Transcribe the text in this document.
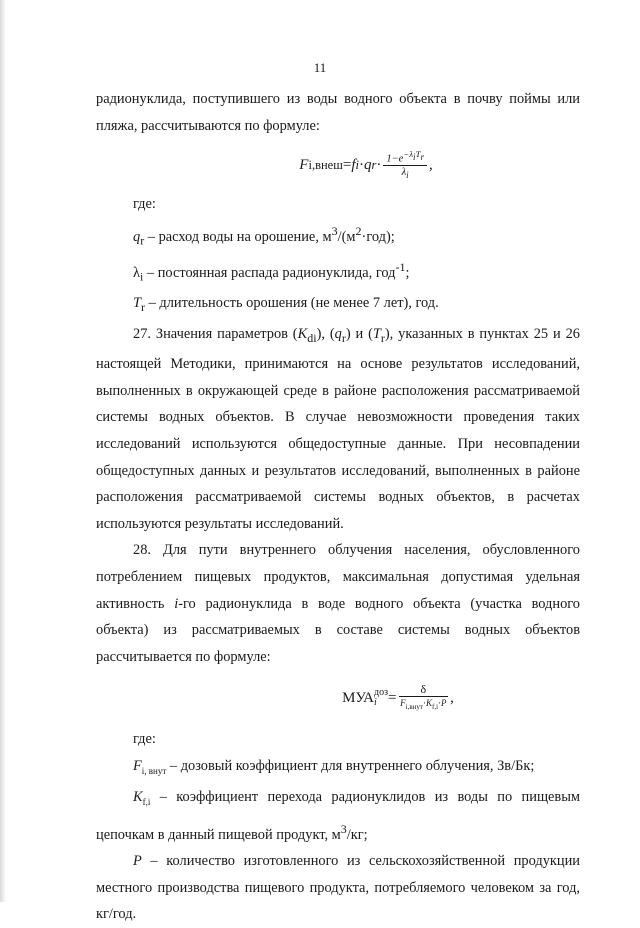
11

радионуклида, поступившего из воды водного объекта в почву поймы или пляжа, рассчитываются по формуле:

F i,внеш = f i · q $r \cdot \frac{1-e^{-\lambda_iT_r}}{\lambda_i}$ ,

где:

$q_r$ – расход воды на орошение, $м^3/(м^2\cdot год)$;

$\lambda_i$ – постоянная распада радионуклида, год$^{-1}$;

$T_r$ – длительность орошения (не менее 7 лет), год.

27. Значения параметров $(K_{di})$, $(q_r)$ и $(T_r)$, указанных в пунктах 25 и 26 настоящей Методики, принимаются на основе результатов исследований, выполненных в окружающей среде в районе расположения рассматриваемой системы водных объектов. В случае невозможности проведения таких исследований используются общедоступные данные. При несовпадении общедоступных данных и результатов исследований, выполненных в районе расположения рассматриваемой системы водных объектов, в расчетах используются результаты исследований.

28. Для пути внутреннего облучения населения, обусловленного потреблением пищевых продуктов, максимальная допустимая удельная активность i-го радионуклида в воде водного объекта (участка водного объекта) из рассматриваемых в составе системы водных объектов рассчитывается по формуле:

МУА доз
$i = \frac{\delta}{F_{i,внут}\cdot K_{f,i}\cdot P}$ ,

где:

$F_{i, внут}$ – дозовый коэффициент для внутреннего облучения, Зв/Бк;

$K_{f,i}$ – коэффициент перехода радионуклидов из воды по пищевым цепочкам в данный пищевой продукт, $м^3/кг$;

P – количество изготовленного из сельскохозяйственной продукции местного производства пищевого продукта, потребляемого человеком за год, кг/год.
